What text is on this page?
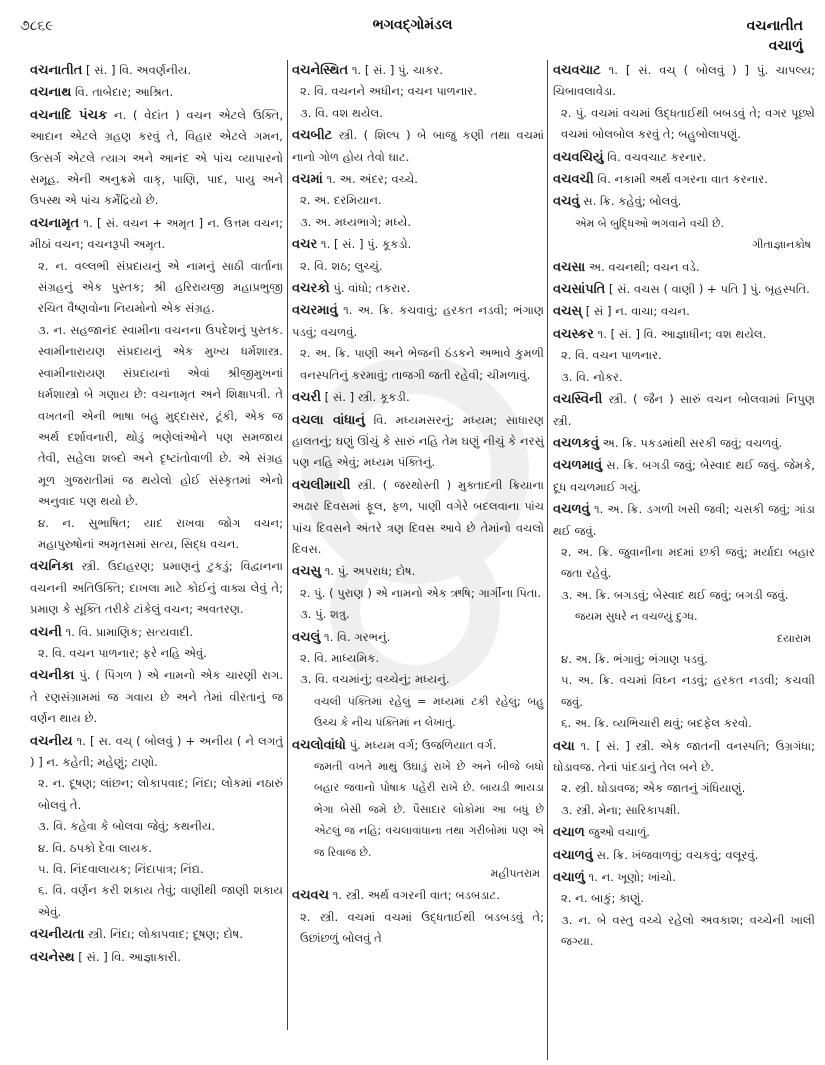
૭૮૬૯	ભગવદ્ગોમંડલ	વચનાતીત
વચાળું
વચનાતીત [ સં. ] વિ. અવર્ણનીય.
વચનાથ વિ. તાબેદાર; આશ્રિત.
વચનાદિ પંચક ન. ( વેદાંત ) વચન એટલે ઉક્તિ, આદાન એટલે ગ્રહણ કરવું તે, વિહાર એટલે ગમન, ઉત્સર્ગ એટલે ત્યાગ અને આનંદ એ પાંચ વ્યાપારનો સમૂહ. એની અનુક્રમે વાક્, પાણિ, પાદ, પાયુ અને ઉપસ્થ એ પાંચ કર્મેંદ્રિયો છે.
વચનામૃત ૧. [ સં. વચન + અમૃત ] ન. ઉત્તમ વચન; મીઠાં વચન; વચનરૂપી અમૃત.
૨. ન. વલ્લભી સંપ્રદાયનું એ નામનું સાઠી વાર્તાના સંગ્રહનું એક પુસ્તક; શ્રી હરિરાયજી મહાપ્રભુજી રચિત વૈષ્ણવોના નિયમોનો એક સંગ્રહ.
૩. ન. સહજાનંદ સ્વામીના વચનના ઉપદેશનું પુસ્તક. સ્વામીનારાયણ સંપ્રદાયનું એક મુખ્ય ધર્મશાસ્ત્ર. સ્વામીનારાયણ સંપ્રદાયનાં એવાં શ્રીજીમુખનાં ધર્મશાસ્ત્રો બે ગણાય છે: વચનામૃત અને શિક્ષાપત્રી. તે વખતની એની ભાષા બહુ મુદ્દાસર, ટૂંકી, એક જ અર્થ દર્શાવનારી, થોડું ભણેલાંઓને પણ સમજાય તેવી, સહેલા શબ્દો અને દૃષ્ટાંતોવાળી છે. એ સંગ્રહ મૂળ ગુજરાતીમાં જ થયેલો હોઈ સંસ્કૃતમાં એનો અનુવાદ પણ થયો છે.
૪. ન. સુભાષિત; યાદ રાખવા જોગ વચન; મહાપુરુષોનાં અમૃતસમાં સત્ય, સિદ્ધ વચન.
વચનિકા સ્ત્રી. ઉદાહરણ; પ્રમાણનું ટુકડું; વિદ્વાનના વચનની અતિઉક્તિ; દાખલા માટે કોઈનું વાક્ય લેવું તે; પ્રમાણ કે સૂક્તિ તરીકે ટાંકેલું વચન; અવતરણ.
વચની ૧. વિ. પ્રામાણિક; સત્યવાદી.
૨. વિ. વચન પાળનાર; ફરે નહિ એવું.
વચનીકા પું. ( પિંગળ ) એ નામનો એક ચારણી રાગ. તે રણસંગ્રામમાં જ ગવાય છે અને તેમાં વીરતાનું જ વર્ણન થાય છે.
વચનીય ૧. [ સ. વચ્ ( બોલવું ) + અનીય ( ને લગતું ) ] ન. કહેતી; મહેણું; ટાણો.
૨. ન. દૂષણ; લાંછન; લોકાપવાદ; નિંદા; લોકમાં નઠારું બોલવું તે.
૩. વિ. કહેવા કે બોલવા જેવું; કથનીય.
૪. વિ. ઠપકો દેવા લાયક.
૫. વિ. નિંદવાલાયક; નિંદાપાત્ર; નિંદ્ય.
૬. વિ. વર્ણન કરી શકાય તેવું; વાણીથી જાણી શકાય એવું.
વચનીયતા સ્ત્રી. નિંદા; લોકાપવાદ; દૂષણ; દોષ.
વચનેસ્થ [ સં. ] વિ. આજ્ઞાકારી.
વચનેસ્થિત ૧. [ સં. ] પું. ચાકર.
૨. વિ. વચનને અધીન; વચન પાળનાર.
૩. વિ. વશ થયેલ.
વચબીટ સ્ત્રી. ( શિલ્પ ) બે બાજુ કણી તથા વચમાં નાનો ગોળ હોય તેવો ઘાટ.
વચમાં ૧. અ. અંદર; વચ્ચે.
૨. અ. દરમિયાન.
૩. અ. મધ્યભાગે; મધ્યે.
વચર ૧. [ સં. ] પું. કૂકડો.
૨. વિ. શઠ; લુચ્ચું.
વચરકો પું. વાંધો; તકરાર.
વચરમાવું ૧. અ. ક્રિ. કચવાવું; હરકત નડવી; ભંગાણ પડવું; વચળવું.
૨. અ. ક્રિ. પાણી અને ભેજની ઠંડકને અભાવે કુમળી વનસ્પતિનું કરમાવું; તાજગી જતી રહેવી; ચીમળાવું.
વચરી [ સં. ] સ્ત્રી. કૂકડી.
વચલા વાંધાનું વિ. મધ્યમસરનું; મધ્યમ; સાધારણ હાલતનું; ઘણું ઊંચું કે સારું નહિ તેમ ઘણું નીચું કે નરસું પણ નહિ એવું; મધ્યમ પંક્તિનું.
વચલીમાચી સ્ત્રી. ( જરથોસ્તી ) મુક્તાદની ક્રિયાના અઢાર દિવસમાં ફૂલ, ફળ, પાણી વગેરે બદલવાના પાંચ પાંચ દિવસને અંતરે ત્રણ દિવસ આવે છે તેમાંનો વચલો દિવસ.
વચસુ ૧. પું. અપરાધ; દોષ.
૨. પું. ( પુરાણ ) એ નામનો એક ઋષિ; ગાર્ગીના પિતા.
૩. પું. શત્રુ.
વચલું ૧. વિ. ગરભનું.
૨. વિ. માધ્યમિક.
૩. વિ. વચમાંનું; વચ્ચેનું; મધ્યનું.
વચલી પંક્તિમાં રહેલું = મધ્યમાં ટકી રહેલું; બહુ ઉચ્ચ કે નીચ પંક્તિમાં ન લેખાતું.
વચલોવાંધો પું. મધ્યમ વર્ગ; ઉજળિયાત વર્ગ.
જમતી વખતે માથું ઉઘાડું રાખે છે અને બીજે બધો બહાર જવાનો પોષાક પહેરી રાખે છે. બાયડી ભાયડા ભેગા બેસી જમે છે. પૈસાદાર લોકોમાં આ બધું છે એટલું જ નહિ; વચલાવાંધાના તથા ગરીબોમાં પણ એ જ રિવાજ છે.
મહીપતરામ
વચવચ ૧. સ્ત્રી. અર્થ વગરની વાત; બડબડાટ.
૨. સ્ત્રી. વચમાં વચમાં ઉદ્ધતાઈથી બડબડવું તે; ઉછાંછળું બોલવું તે
વચવચાટ ૧. [ સં. વચ્ ( બોલવું ) ] પું. ચાપલ્ય; ચિબાવલાવેડા.
૨. પું. વચમાં વચમાં ઉદ્ધતાઈથી બબડવું તે; વગર પૂછ્યે વચમાં બોલબોલ કરવું તે; બહુબોલાપણું.
વચવચિયું વિ. વચવચાટ કરનાર.
વચવચી વિ. નકામી અર્થ વગરના વાત કરનાર.
વચવું સ. ક્રિ. કહેવું; બોલવું.
એમ બે બુદ્ધિઓ ભગવાને વચી છે.
ગીતાજ્ઞાનકોષ
વચસા અ. વચનથી; વચન વડે.
વચસાંપતિ [ સં. વચસ ( વાણી ) + પતિ ] પું. બૃહસ્પતિ.
વચસ્ [ સં ] ન. વાચા; વચન.
વચસ્કર ૧. [ સં. ] વિ. આજ્ઞાધીન; વશ થયેલ.
૨. વિ. વચન પાળનાર.
૩. વિ. નોકર.
વચસ્વિની સ્ત્રી. ( જૈન ) સારું વચન બોલવામાં નિપુણ સ્ત્રી.
વચળકવું અ. ક્રિ. પકડમાંથી સરકી જવું; વચળવું.
વચળમાવું સ. ક્રિ. બગડી જવું; બેસ્વાદ થઈ જવું. જેમકે, દૂધ વચળમાઈ ગયું.
વચળવું ૧. અ. ક્રિ. ડગળી ખસી જવી; ચસકી જવું; ગાંડા થઈ જવું.
૨. અ. ક્રિ. જુવાનીના મદમાં છકી જવું; મર્યાદા બહાર જતા રહેવું.
૩. અ. ક્રિ. બગડવું; બેસ્વાદ થઈ જવું; બગડી જવું.
જયમ સુધરે ન વચળ્યું દુગ્ધ.
દયારામ
૪. અ. ક્રિ. ભંગાવું; ભંગાણ પડવું.
૫. અ. ક્રિ. વચમાં વિઘ્ન નડવું; હરકત નડવી; કચવાી જવું.
૬. અ. ક્રિ. વ્યભિચારી થવું; બદફેલ કરવો.
વચા ૧. [ સં. ] સ્ત્રી. એક જાતની વનસ્પતિ; ઉગ્રગંધા; ઘોડાવજ. તેનાં પાંદડાનું તેલ બને છે.
૨. સ્ત્રી. ઘોડાવજ; એક જાતનું ગંધિયાણું.
૩. સ્ત્રી. મેના; સારિકાપક્ષી.
વચાળ જુઓ વચાળું.
વચાળવું સ. ક્રિ. ખંજવાળવું; વચકવું; વલૂરવું.
વચાળું ૧. ન. ખૂણો; ખાંચો.
૨. ન. બાકું; કાણું.
૩. ન. બે વસ્તુ વચ્ચે રહેલો અવકાશ; વચ્ચેની ખાલી જગ્યા.
